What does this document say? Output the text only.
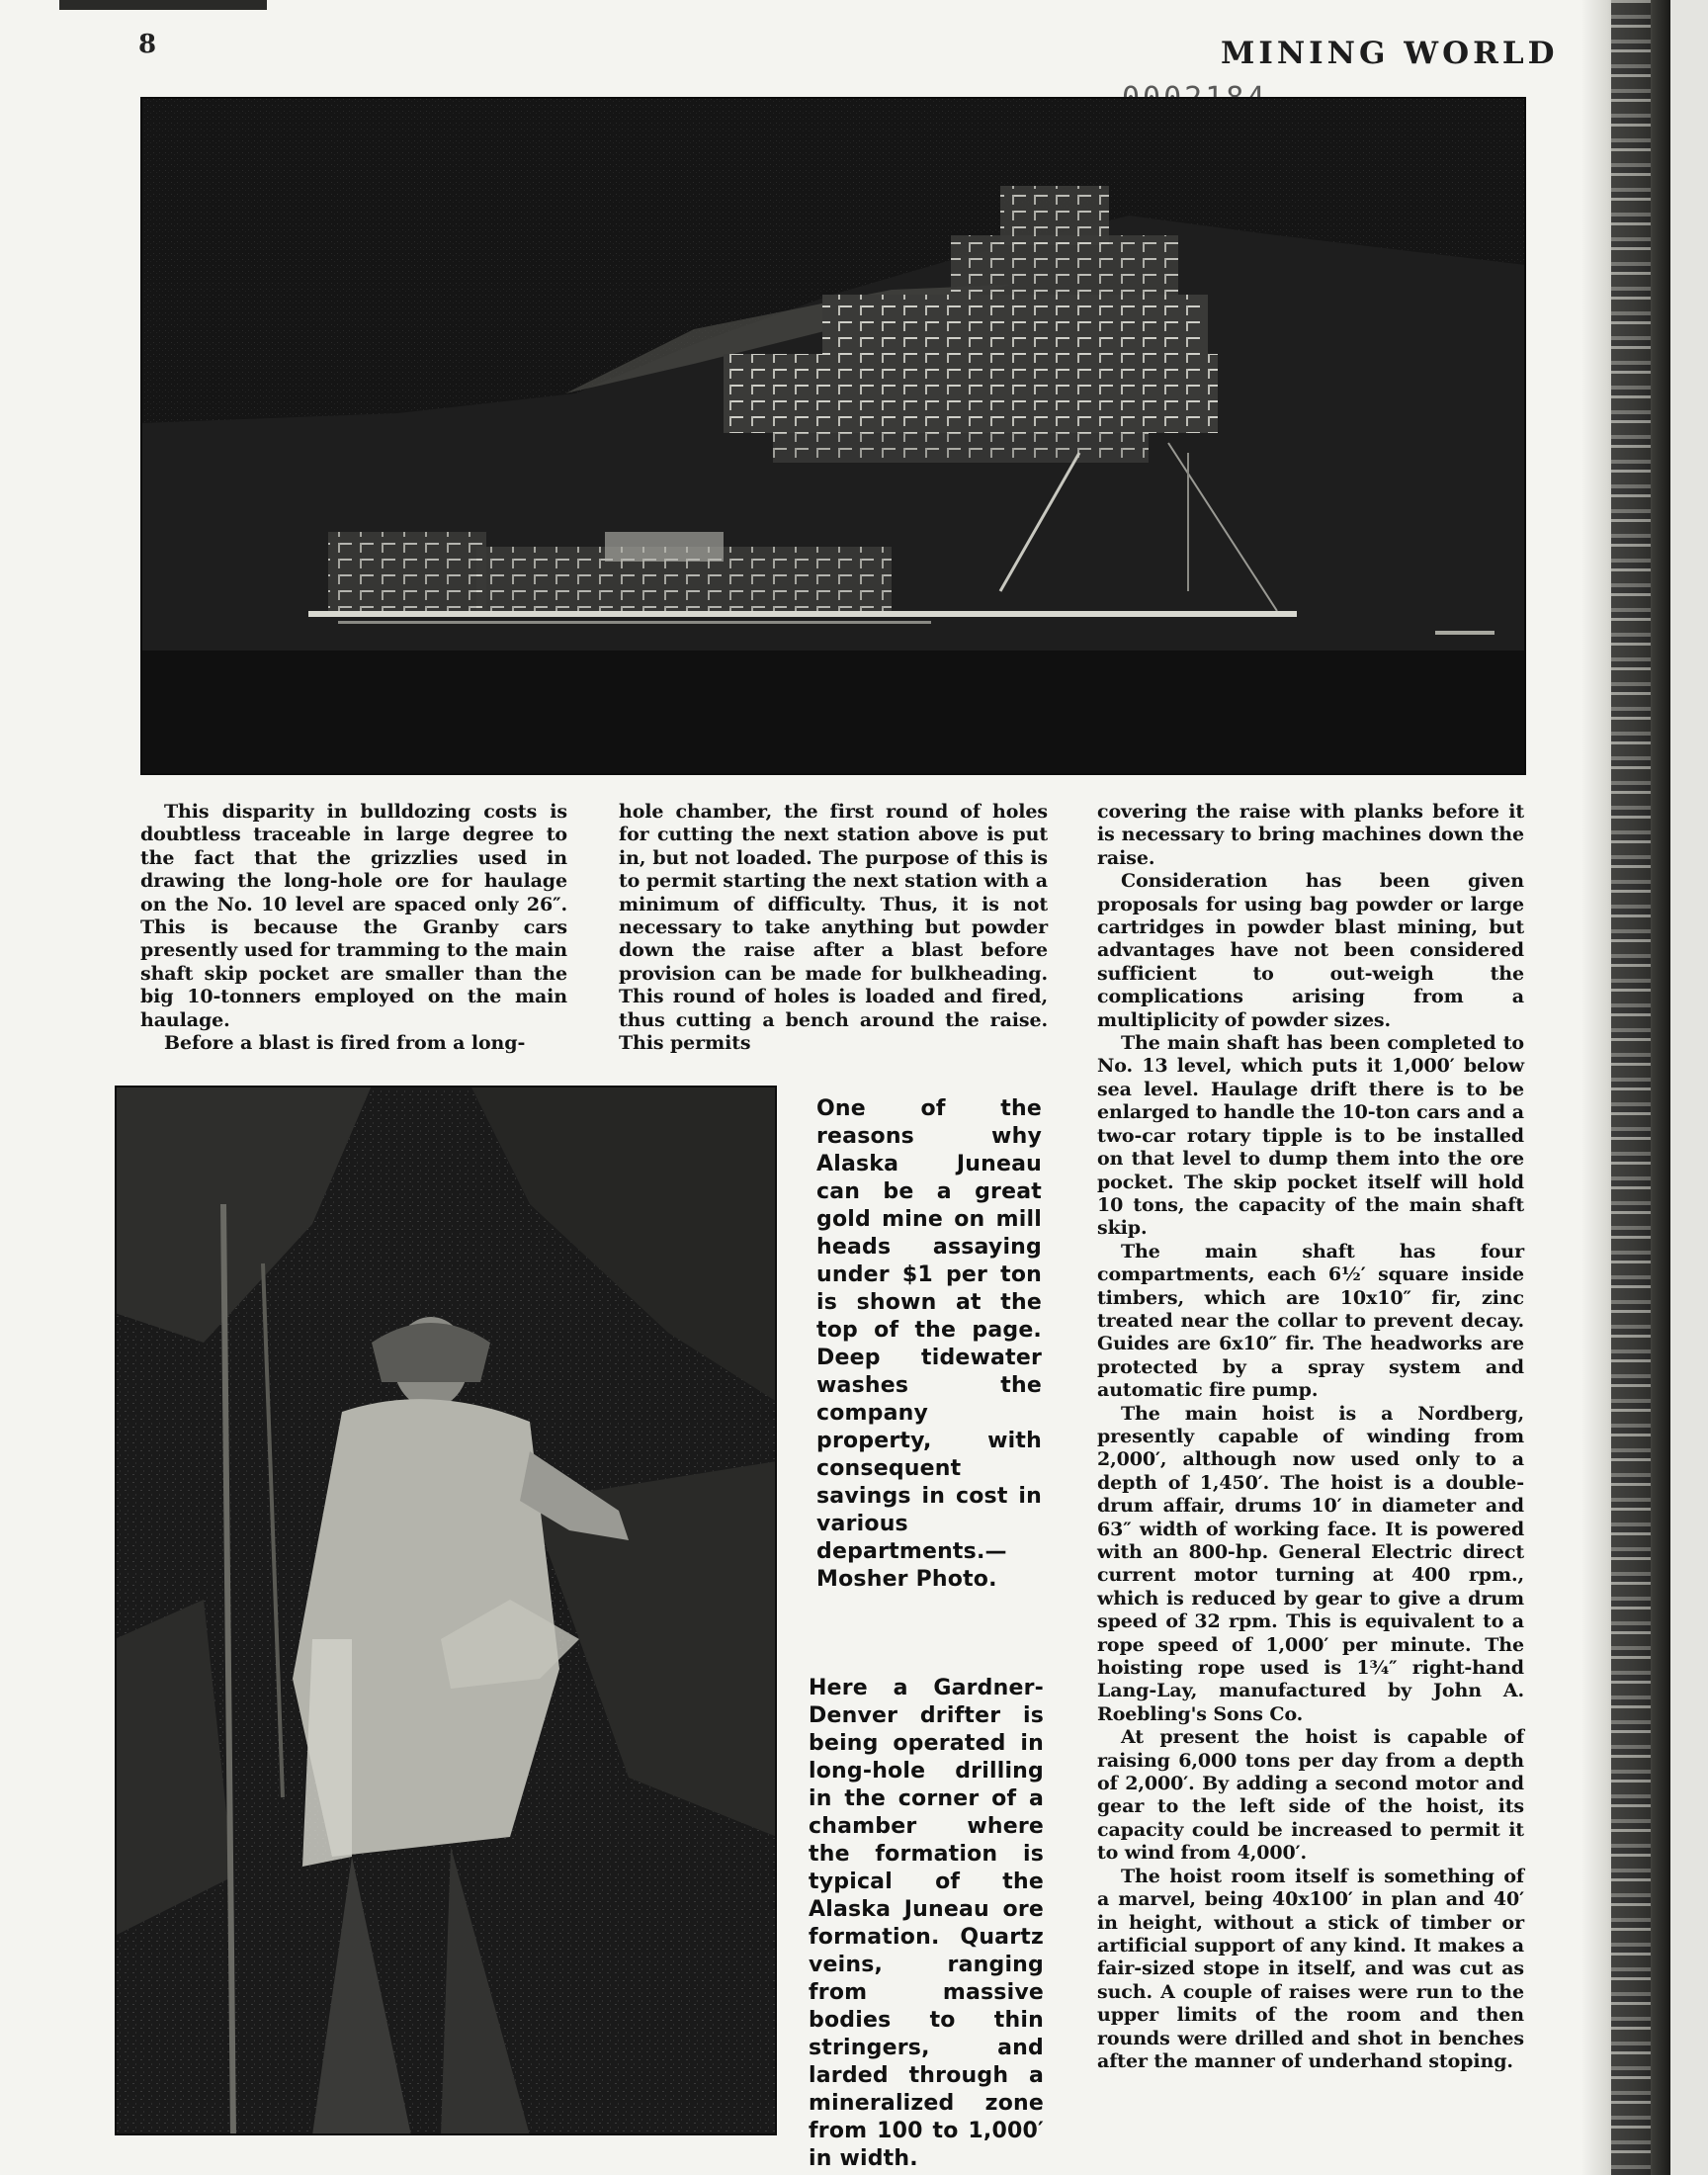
8	MINING WORLD

This disparity in bulldozing costs is doubtless traceable in large degree to the fact that the grizzlies used in drawing the long-hole ore for haulage on the No. 10 level are spaced only 26″. This is because the Granby cars presently used for tramming to the main shaft skip pocket are smaller than the big 10-tonners employed on the main haulage.

Before a blast is fired from a long-

hole chamber, the first round of holes for cutting the next station above is put in, but not loaded. The purpose of this is to permit starting the next station with a minimum of difficulty. Thus, it is not necessary to take anything but powder down the raise after a blast before provision can be made for bulkheading. This round of holes is loaded and fired, thus cutting a bench around the raise. This permits

covering the raise with planks before it is necessary to bring machines down the raise.

Consideration has been given proposals for using bag powder or large cartridges in powder blast mining, but advantages have not been considered sufficient to out-weigh the complications arising from a multiplicity of powder sizes.

The main shaft has been completed to No. 13 level, which puts it 1,000′ below sea level. Haulage drift there is to be enlarged to handle the 10-ton cars and a two-car rotary tipple is to be installed on that level to dump them into the ore pocket. The skip pocket itself will hold 10 tons, the capacity of the main shaft skip.

The main shaft has four compartments, each 6½′ square inside timbers, which are 10x10″ fir, zinc treated near the collar to prevent decay. Guides are 6x10″ fir. The headworks are protected by a spray system and automatic fire pump.

The main hoist is a Nordberg, presently capable of winding from 2,000′, although now used only to a depth of 1,450′. The hoist is a double-drum affair, drums 10′ in diameter and 63″ width of working face. It is powered with an 800-hp. General Electric direct current motor turning at 400 rpm., which is reduced by gear to give a drum speed of 32 rpm. This is equivalent to a rope speed of 1,000′ per minute. The hoisting rope used is 1¾″ right-hand Lang-Lay, manufactured by John A. Roebling's Sons Co.

At present the hoist is capable of raising 6,000 tons per day from a depth of 2,000′. By adding a second motor and gear to the left side of the hoist, its capacity could be increased to permit it to wind from 4,000′.

The hoist room itself is something of a marvel, being 40x100′ in plan and 40′ in height, without a stick of timber or artificial support of any kind. It makes a fair-sized stope in itself, and was cut as such. A couple of raises were run to the upper limits of the room and then rounds were drilled and shot in benches after the manner of underhand stoping.

One of the reasons why Alaska Juneau can be a great gold mine on mill heads assaying under $1 per ton is shown at the top of the page. Deep tidewater washes the company property, with consequent savings in cost in various departments.—Mosher Photo.
Here a Gardner-Denver drifter is being operated in long-hole drilling in the corner of a chamber where the formation is typical of the Alaska Juneau ore formation. Quartz veins, ranging from massive bodies to thin stringers, and larded through a mineralized zone from 100 to 1,000′ in width.
